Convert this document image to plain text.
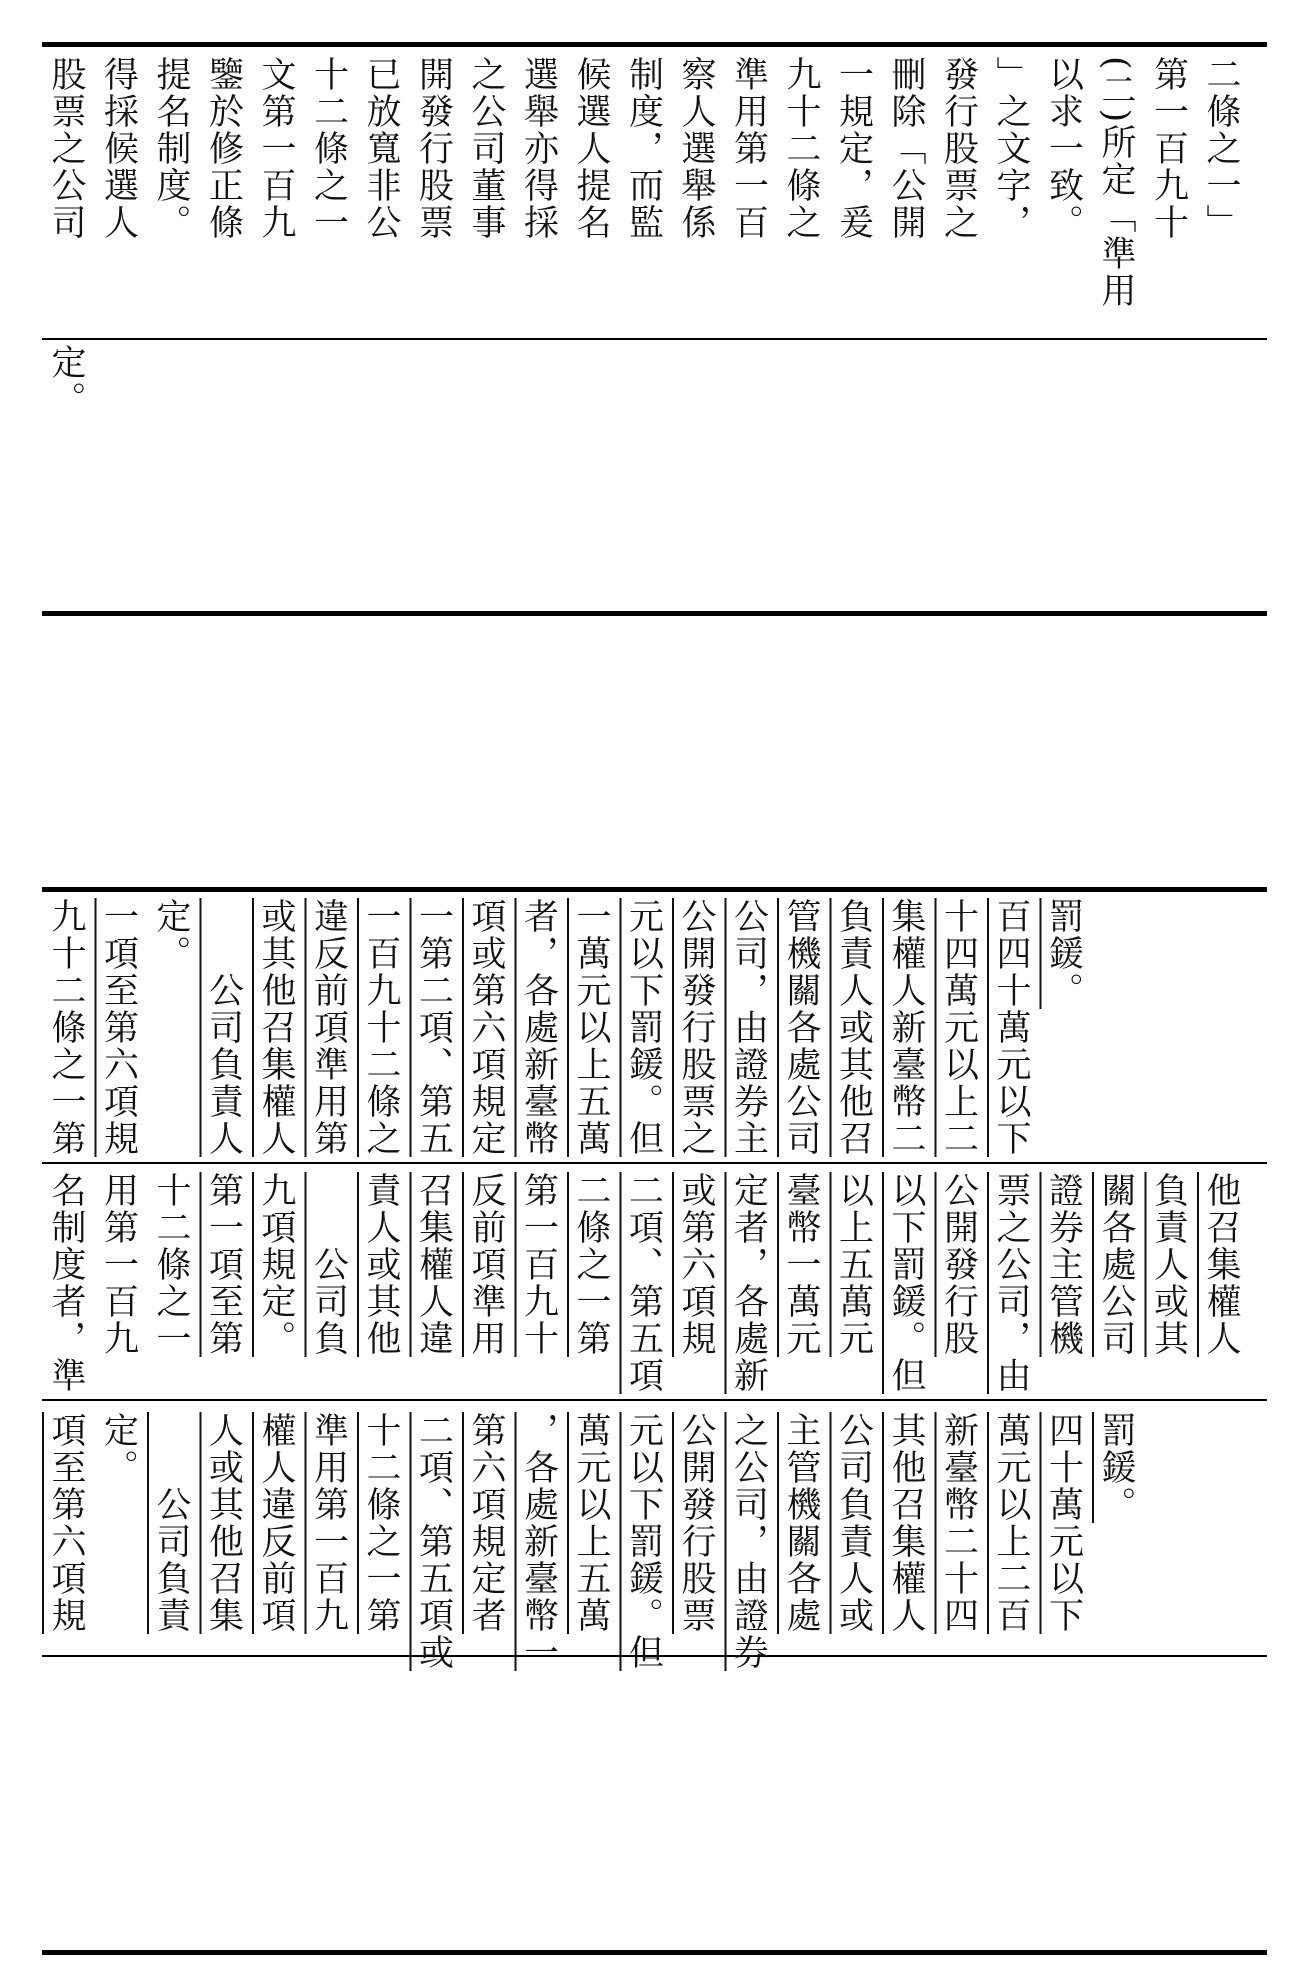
股票之公司 得採候選人 提名制度。 鑒於修正條 文第一百九 十二條之一 已放寬非公 開發行股票 之公司董事 選舉亦得採 候選人提名 制度，而監 察人選舉係 準用第一百 九十二條之 一規定，爰 刪除「公開 發行股票之 」之文字， 以求一致。 (二)所定「準用 第一百九十 二條之一」
定。
九十二條之一第 一項至第六項規 定。 　　公司負責人 或其他召集權人 違反前項準用第 一百九十二條之 一第二項、第五 項或第六項規定 者，各處新臺幣 一萬元以上五萬 元以下罰鍰。但 公開發行股票之 公司，由證券主 管機關各處公司 負責人或其他召 集權人新臺幣二 十四萬元以上二 百四十萬元以下 罰鍰。
名制度者，準 用第一百九 十二條之一 第一項至第 九項規定。 　　公司負 責人或其他 召集權人違 反前項準用 第一百九十 二條之一第 二項、第五項 或第六項規 定者，各處新 臺幣一萬元 以上五萬元 以下罰鍰。但 公開發行股 票之公司，由 證券主管機 關各處公司 負責人或其 他召集權人
項至第六項規 定。 　　公司負責 人或其他召集 權人違反前項 準用第一百九 十二條之一第 二項、第五項或 第六項規定者 ，各處新臺幣一 萬元以上五萬 元以下罰鍰。但 公開發行股票 之公司，由證券 主管機關各處 公司負責人或 其他召集權人 新臺幣二十四 萬元以上二百 四十萬元以下 罰鍰。
